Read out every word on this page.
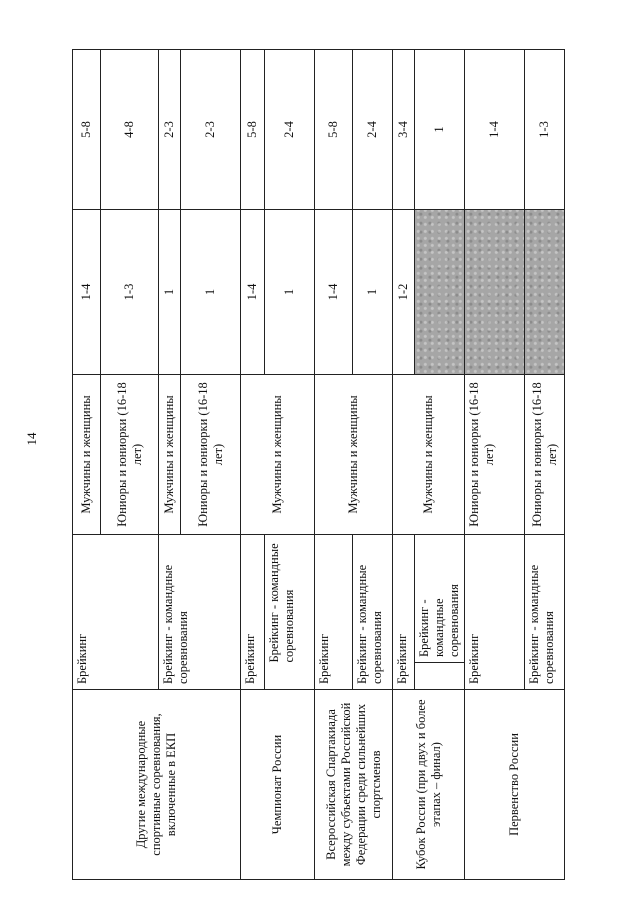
14
Другие международные спортивные соревнования, включенные в ЕКП	Брейкинг		Мужчины и женщины	1-4	5-8
			Юниоры и юниорки (16-18 лет)	1-3	4-8
	Брейкинг - командные соревнования		Мужчины и женщины	1	2-3
			Юниоры и юниорки (16-18 лет)	1	2-3
Чемпионат России	Брейкинг		Мужчины и женщины	1-4	5-8
		Брейкинг - командные соревнования		1	2-4
Всероссийская Спартакиада между субъектами Российской Федерации среди сильнейших спортсменов	Брейкинг		Мужчины и женщины	1-4	5-8
	Брейкинг - командные соревнования			1	2-4
Кубок России (при двух и более этапах – финал)	Брейкинг		Мужчины и женщины	1-2	3-4
		Брейкинг - командные соревнования			1
Первенство России	Брейкинг		Юниоры и юниорки (16-18 лет)		1-4
	Брейкинг - командные соревнования		Юниоры и юниорки (16-18 лет)		1-3
